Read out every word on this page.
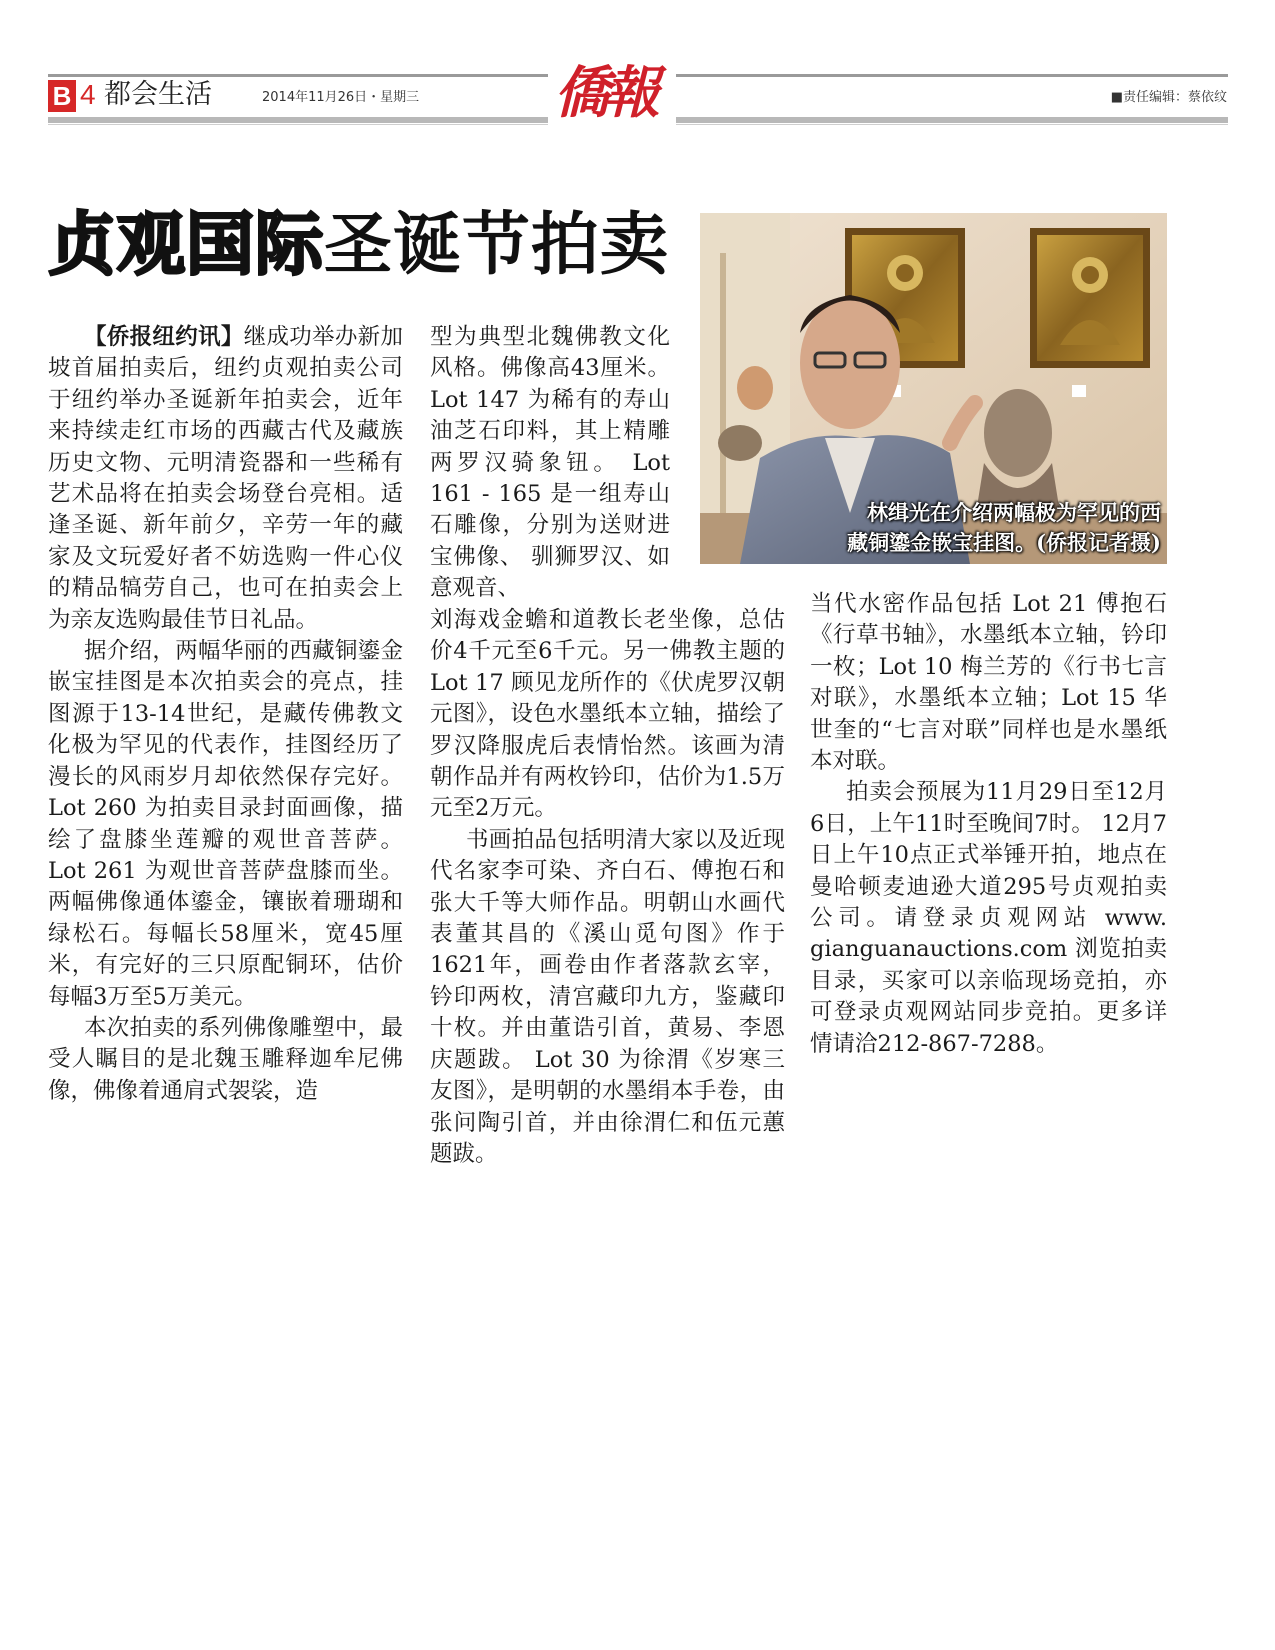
B 4 都会生活	2014年11月26日・星期三 僑報	■责任编辑：蔡依纹
贞观国际圣诞节拍卖
林缉光在介绍两幅极为罕见的西
藏铜鎏金嵌宝挂图。(侨报记者摄)

【侨报纽约讯】继成功举办新加坡首届拍卖后，纽约贞观拍卖公司于纽约举办圣诞新年拍卖会，近年来持续走红市场的西藏古代及藏族历史文物、元明清瓷器和一些稀有艺术品将在拍卖会场登台亮相。适逢圣诞、新年前夕，辛劳一年的藏家及文玩爱好者不妨选购一件心仪的精品犒劳自己，也可在拍卖会上为亲友选购最佳节日礼品。

据介绍，两幅华丽的西藏铜鎏金嵌宝挂图是本次拍卖会的亮点，挂图源于13-14世纪，是藏传佛教文化极为罕见的代表作，挂图经历了漫长的风雨岁月却依然保存完好。 Lot 260 为拍卖目录封面画像，描绘了盘膝坐莲瓣的观世音菩萨。 Lot 261 为观世音菩萨盘膝而坐。两幅佛像通体鎏金，镶嵌着珊瑚和绿松石。每幅长58厘米，宽45厘米，有完好的三只原配铜环，估价每幅3万至5万美元。

本次拍卖的系列佛像雕塑中，最受人瞩目的是北魏玉雕释迦牟尼佛像，佛像着通肩式袈裟，造

型为典型北魏佛教文化风格。佛像高43厘米。 Lot 147 为稀有的寿山油芝石印料，其上精雕两罗汉骑象钮。 Lot 161 - 165 是一组寿山石雕像，分别为送财进宝佛像、 驯狮罗汉、如意观音、

刘海戏金蟾和道教长老坐像，总估价4千元至6千元。另一佛教主题的 Lot 17 顾见龙所作的《伏虎罗汉朝元图》，设色水墨纸本立轴，描绘了罗汉降服虎后表情怡然。该画为清朝作品并有两枚钤印，估价为1.5万元至2万元。

书画拍品包括明清大家以及近现代名家李可染、齐白石、傅抱石和张大千等大师作品。明朝山水画代表董其昌的《溪山觅句图》作于1621年，画卷由作者落款玄宰， 钤印两枚，清宫藏印九方，鉴藏印十枚。并由董诰引首，黄易、李恩庆题跋。 Lot 30 为徐渭《岁寒三友图》，是明朝的水墨绢本手卷，由张问陶引首，并由徐渭仁和伍元蕙题跋。

当代水密作品包括 Lot 21 傅抱石《行草书轴》，水墨纸本立轴，钤印一枚；Lot 10 梅兰芳的《行书七言对联》，水墨纸本立轴；Lot 15 华世奎的“七言对联”同样也是水墨纸本对联。

拍卖会预展为11月29日至12月6日，上午11时至晚间7时。 12月7日上午10点正式举锤开拍，地点在曼哈顿麦迪逊大道295号贞观拍卖公司。请登录贞观网站 www. gianguanauctions.com 浏览拍卖目录，买家可以亲临现场竞拍，亦可登录贞观网站同步竞拍。更多详情请洽212-867-7288。
